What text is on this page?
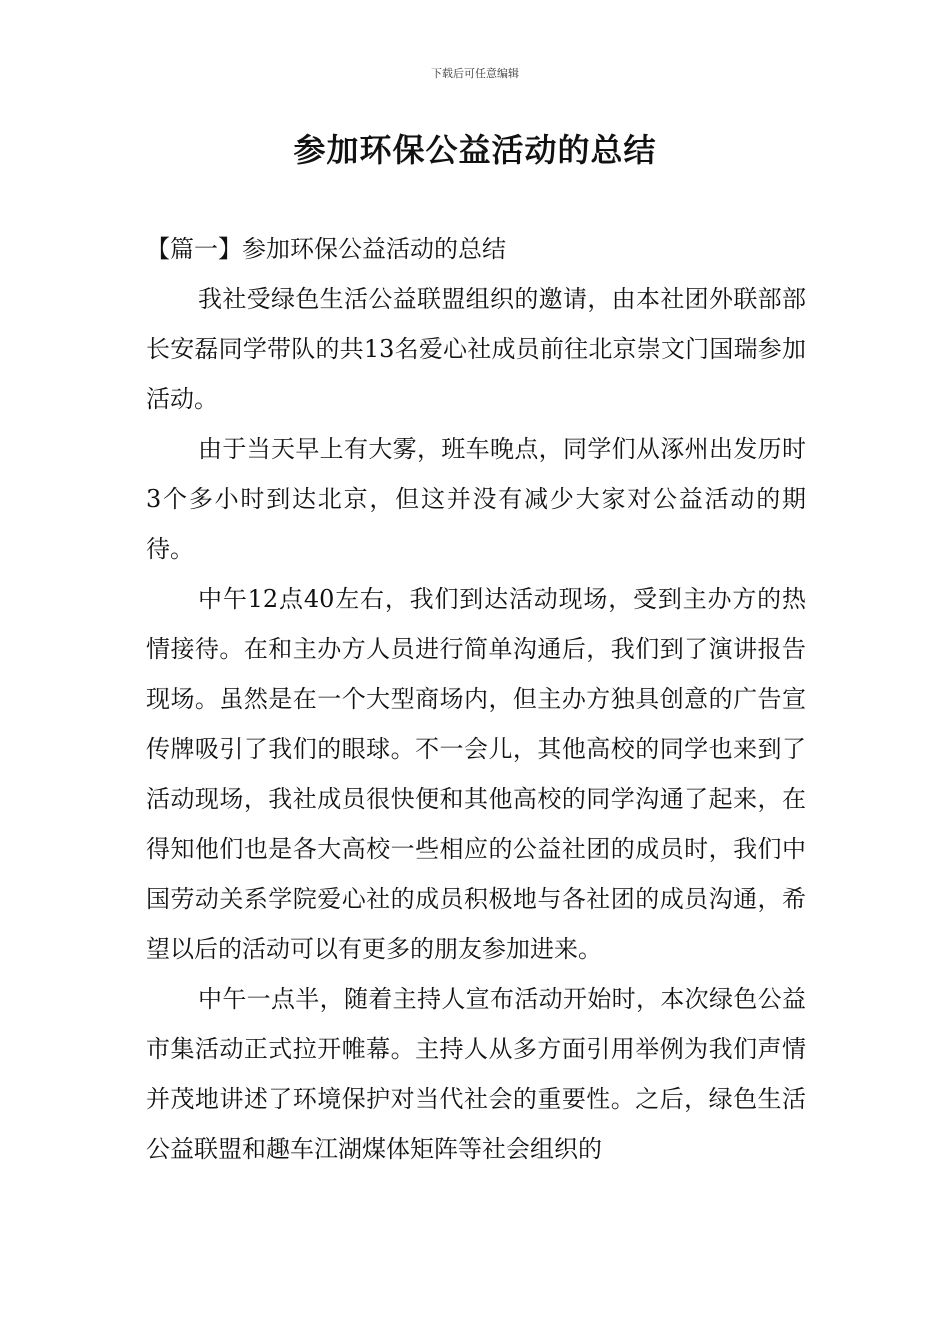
下载后可任意编辑
参加环保公益活动的总结

【篇一】参加环保公益活动的总结

我社受绿色生活公益联盟组织的邀请，由本社团外联部部长安磊同学带队的共13名爱心社成员前往北京崇文门国瑞参加活动。

由于当天早上有大雾，班车晚点，同学们从涿州出发历时3个多小时到达北京，但这并没有减少大家对公益活动的期待。

中午12点40左右，我们到达活动现场，受到主办方的热情接待。在和主办方人员进行简单沟通后，我们到了演讲报告现场。虽然是在一个大型商场内，但主办方独具创意的广告宣传牌吸引了我们的眼球。不一会儿，其他高校的同学也来到了活动现场，我社成员很快便和其他高校的同学沟通了起来，在得知他们也是各大高校一些相应的公益社团的成员时，我们中国劳动关系学院爱心社的成员积极地与各社团的成员沟通，希望以后的活动可以有更多的朋友参加进来。

中午一点半，随着主持人宣布活动开始时，本次绿色公益市集活动正式拉开帷幕。主持人从多方面引用举例为我们声情并茂地讲述了环境保护对当代社会的重要性。之后，绿色生活公益联盟和趣车江湖煤体矩阵等社会组织的
